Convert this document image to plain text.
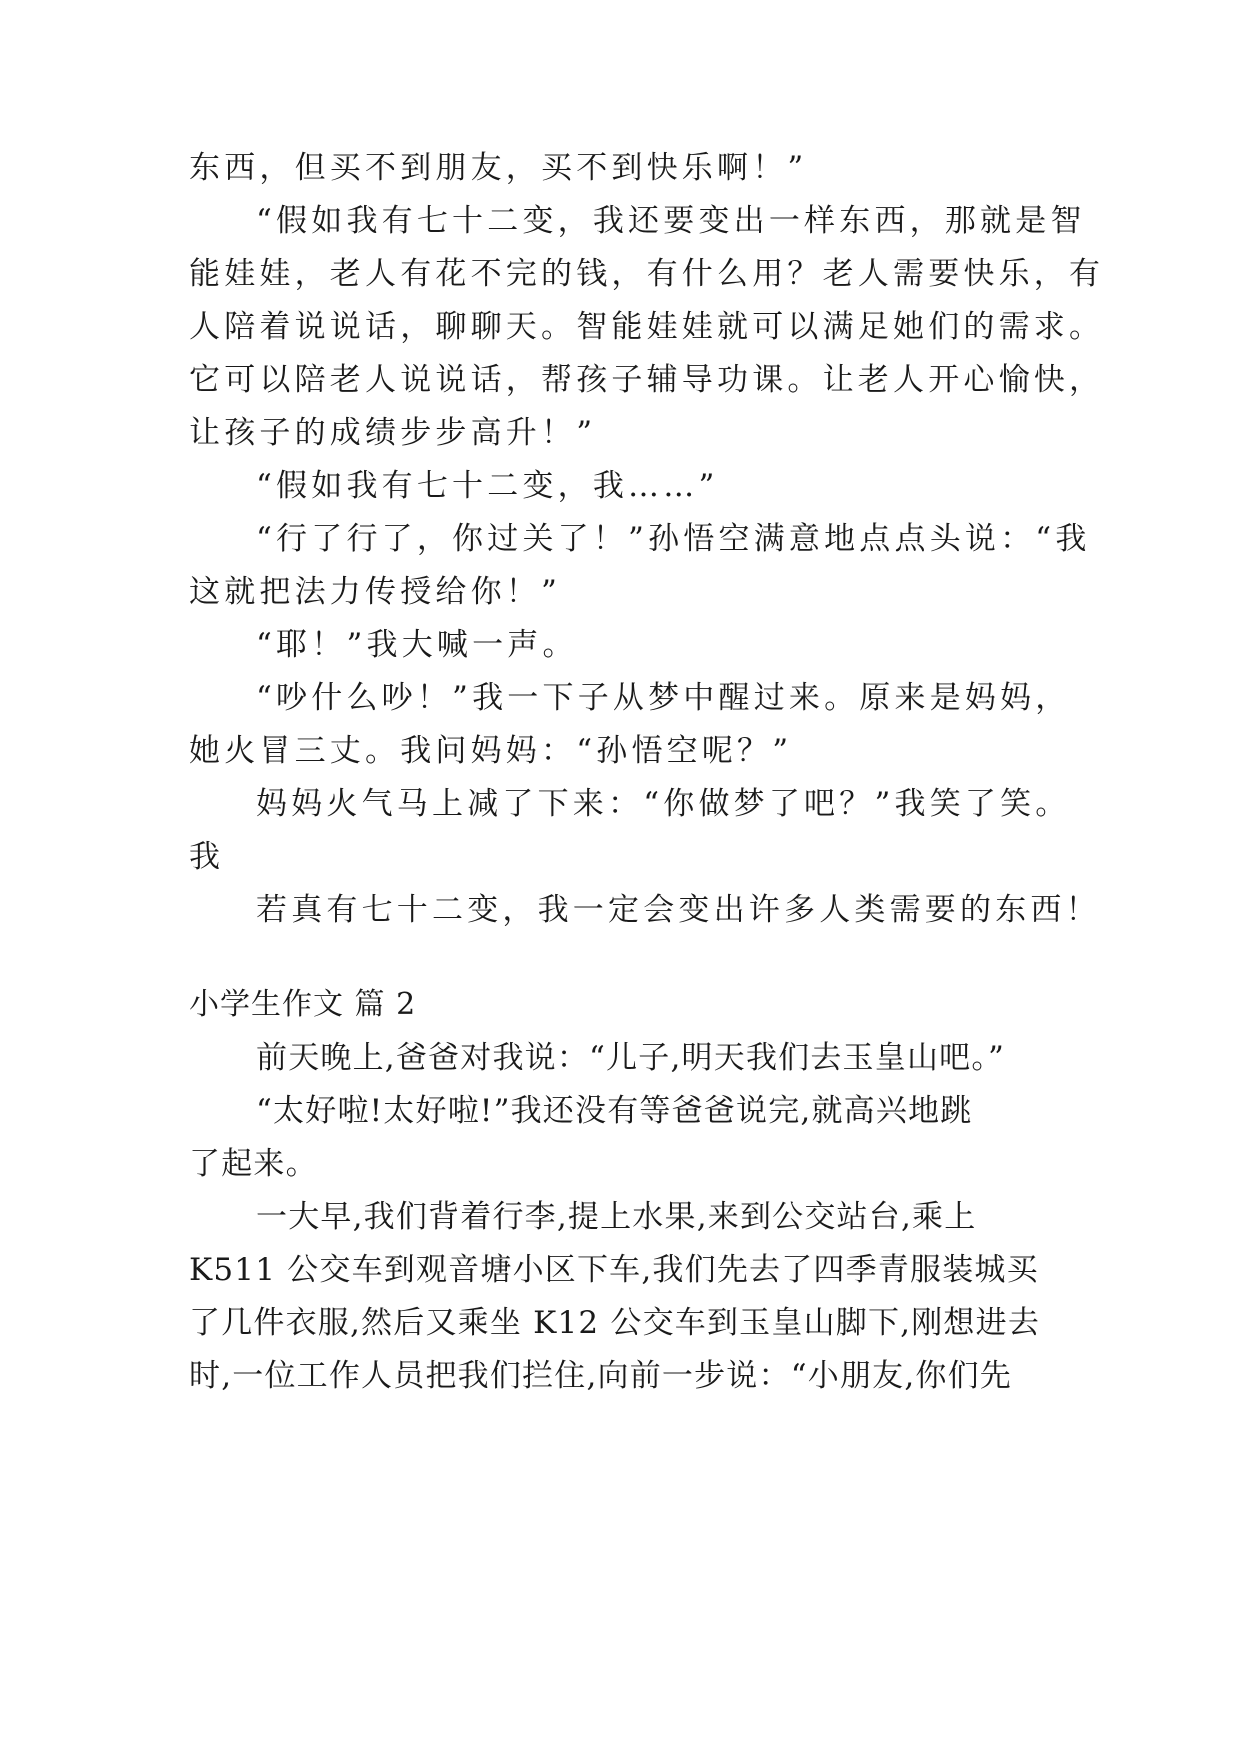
东西，但买不到朋友，买不到快乐啊！”
“假如我有七十二变，我还要变出一样东西，那就是智
能娃娃，老人有花不完的钱，有什么用？老人需要快乐，有
人陪着说说话，聊聊天。智能娃娃就可以满足她们的需求。
它可以陪老人说说话，帮孩子辅导功课。让老人开心愉快，
让孩子的成绩步步高升！”
“假如我有七十二变，我……”
“行了行了，你过关了！”孙悟空满意地点点头说：“我
这就把法力传授给你！”
“耶！”我大喊一声。
“吵什么吵！”我一下子从梦中醒过来。原来是妈妈，
她火冒三丈。我问妈妈：“孙悟空呢？”
妈妈火气马上减了下来：“你做梦了吧？”我笑了笑。
我
若真有七十二变，我一定会变出许多人类需要的东西！
小学生作文 篇 2
前天晚上,爸爸对我说：“儿子,明天我们去玉皇山吧。”
“太好啦!太好啦!”我还没有等爸爸说完,就高兴地跳
了起来。
一大早,我们背着行李,提上水果,来到公交站台,乘上
K511 公交车到观音塘小区下车,我们先去了四季青服装城买
了几件衣服,然后又乘坐 K12 公交车到玉皇山脚下,刚想进去
时,一位工作人员把我们拦住,向前一步说：“小朋友,你们先
